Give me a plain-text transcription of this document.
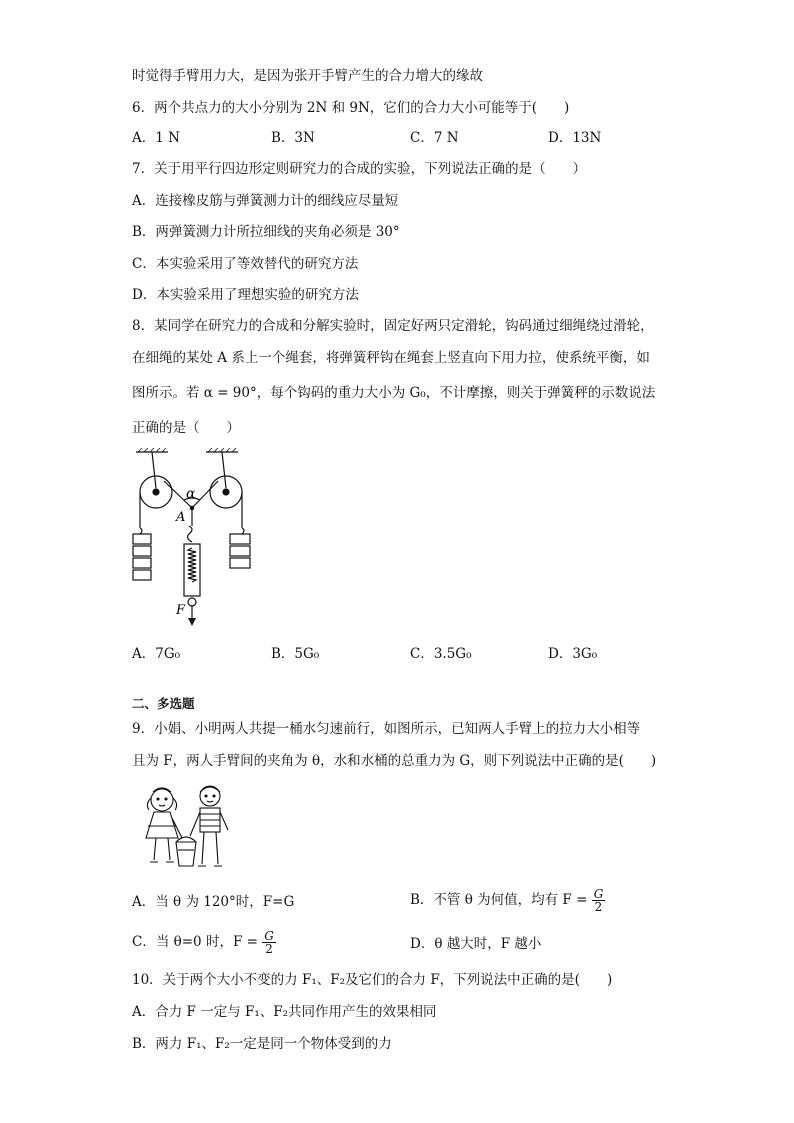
时觉得手臂用力大，是因为张开手臂产生的合力增大的缘故
6．两个共点力的大小分别为 2N 和 9N，它们的合力大小可能等于(　　)
A．1 N	B．3N	C．7 N	D．13N
7．关于用平行四边形定则研究力的合成的实验，下列说法正确的是（　　）
A．连接橡皮筋与弹簧测力计的细线应尽量短
B．两弹簧测力计所拉细线的夹角必须是 30°
C．本实验采用了等效替代的研究方法
D．本实验采用了理想实验的研究方法
8．某同学在研究力的合成和分解实验时，固定好两只定滑轮，钩码通过细绳绕过滑轮，
在细绳的某处 A 系上一个绳套，将弹簧秤钩在绳套上竖直向下用力拉，使系统平衡，如
图所示。若 α = 90°，每个钩码的重力大小为 G₀，不计摩擦，则关于弹簧秤的示数说法
正确的是（　　）
α
A
F
A．7G₀	B．5G₀	C．3.5G₀	D．3G₀
二、多选题
9．小娟、小明两人共提一桶水匀速前行，如图所示，已知两人手臂上的拉力大小相等
且为 F，两人手臂间的夹角为 θ，水和水桶的总重力为 G，则下列说法中正确的是(　　)
A．当 θ 为 120°时，F=G	B．不管 θ 为何值，均有 $F = \frac{G}{2}$
C．当 θ=0 时，$F = \frac{G}{2}$	D．θ 越大时，F 越小
10．关于两个大小不变的力 F₁、F₂及它们的合力 F，下列说法中正确的是(　　)
A．合力 F 一定与 F₁、F₂共同作用产生的效果相同
B．两力 F₁、F₂一定是同一个物体受到的力
